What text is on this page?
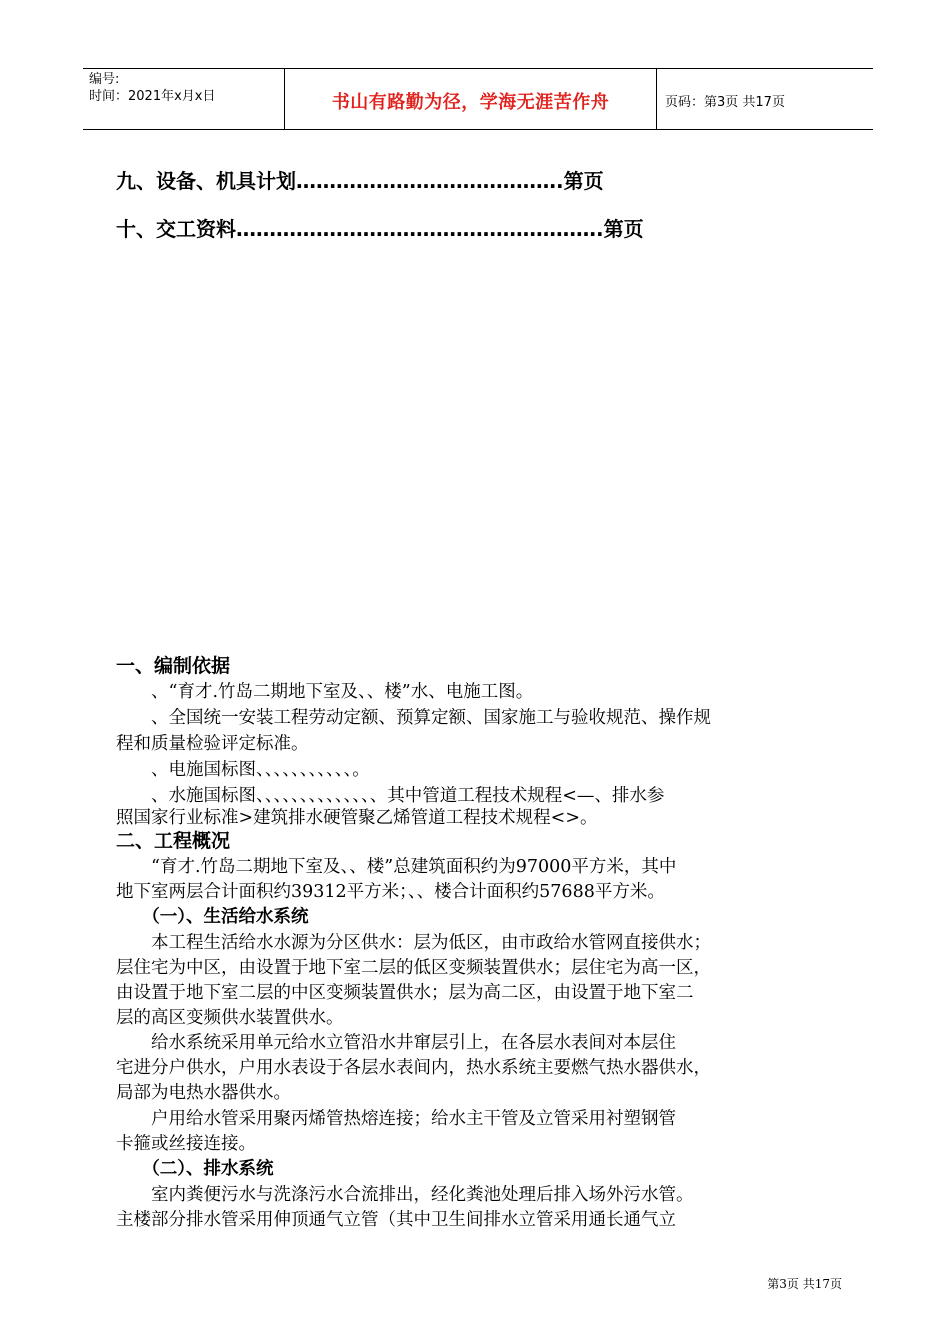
编号:
时间：2021年x月x日	书山有路勤为径，学海无涯苦作舟	页码：第3页 共17页
九、设备、机具计划………………………………….第页
十、交工资料……………………………………………….第页
一、编制依据
　　、“育才.竹岛二期地下室及、、楼”水、电施工图。
　　、全国统一安装工程劳动定额、预算定额、国家施工与验收规范、操作规
程和质量检验评定标准。
　　、电施国标图、、、、、、、、、、、。
　　、水施国标图、、、、、、、、、、、、、、其中管道工程技术规程<—、排水参
照国家行业标准>建筑排水硬管聚乙烯管道工程技术规程<>。
二、工程概况
　　“育才.竹岛二期地下室及、、楼”总建筑面积约为97000平方米，其中
地下室两层合计面积约39312平方米；、、楼合计面积约57688平方米。
　　（一）、生活给水系统
　　本工程生活给水水源为分区供水：层为低区，由市政给水管网直接供水；
层住宅为中区，由设置于地下室二层的低区变频装置供水；层住宅为高一区，
由设置于地下室二层的中区变频装置供水；层为高二区，由设置于地下室二
层的高区变频供水装置供水。
　　给水系统采用单元给水立管沿水井窜层引上，在各层水表间对本层住
宅进分户供水，户用水表设于各层水表间内，热水系统主要燃气热水器供水，
局部为电热水器供水。
　　户用给水管采用聚丙烯管热熔连接；给水主干管及立管采用衬塑钢管
卡箍或丝接连接。
　　（二）、排水系统
　　室内粪便污水与洗涤污水合流排出，经化粪池处理后排入场外污水管。
主楼部分排水管采用伸顶通气立管（其中卫生间排水立管采用通长通气立
第3页 共17页
